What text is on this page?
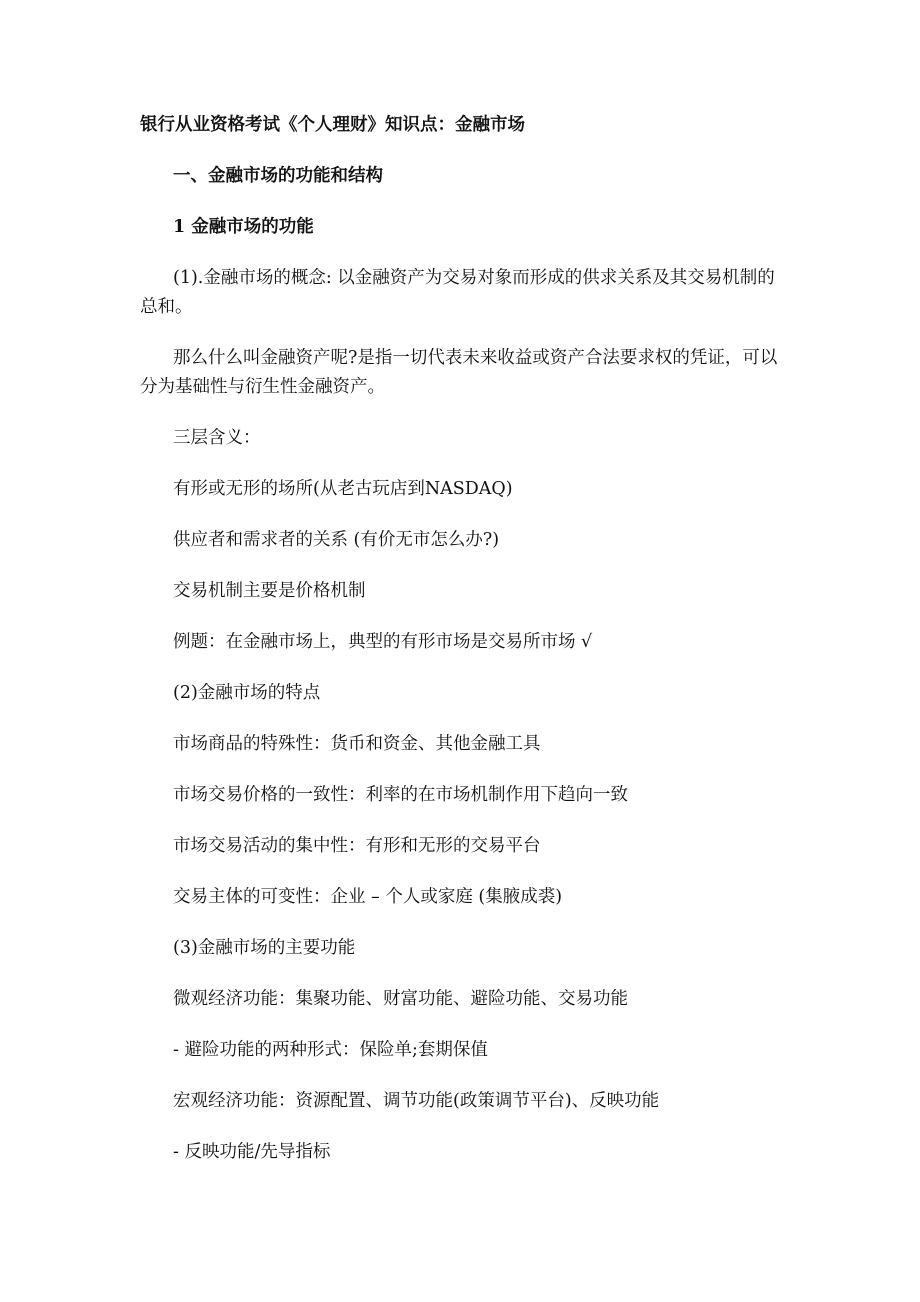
银行从业资格考试《个人理财》知识点：金融市场

一、金融市场的功能和结构

1 金融市场的功能

(1).金融市场的概念: 以金融资产为交易对象而形成的供求关系及其交易机制的总和。

那么什么叫金融资产呢?是指一切代表未来收益或资产合法要求权的凭证，可以分为基础性与衍生性金融资产。

三层含义：

有形或无形的场所(从老古玩店到NASDAQ)

供应者和需求者的关系 (有价无市怎么办?)

交易机制主要是价格机制

例题：在金融市场上，典型的有形市场是交易所市场 √

(2)金融市场的特点

市场商品的特殊性：货币和资金、其他金融工具

市场交易价格的一致性：利率的在市场机制作用下趋向一致

市场交易活动的集中性：有形和无形的交易平台

交易主体的可变性：企业 – 个人或家庭 (集腋成裘)

(3)金融市场的主要功能

微观经济功能：集聚功能、财富功能、避险功能、交易功能

- 避险功能的两种形式：保险单;套期保值

宏观经济功能：资源配置、调节功能(政策调节平台)、反映功能

- 反映功能/先导指标
